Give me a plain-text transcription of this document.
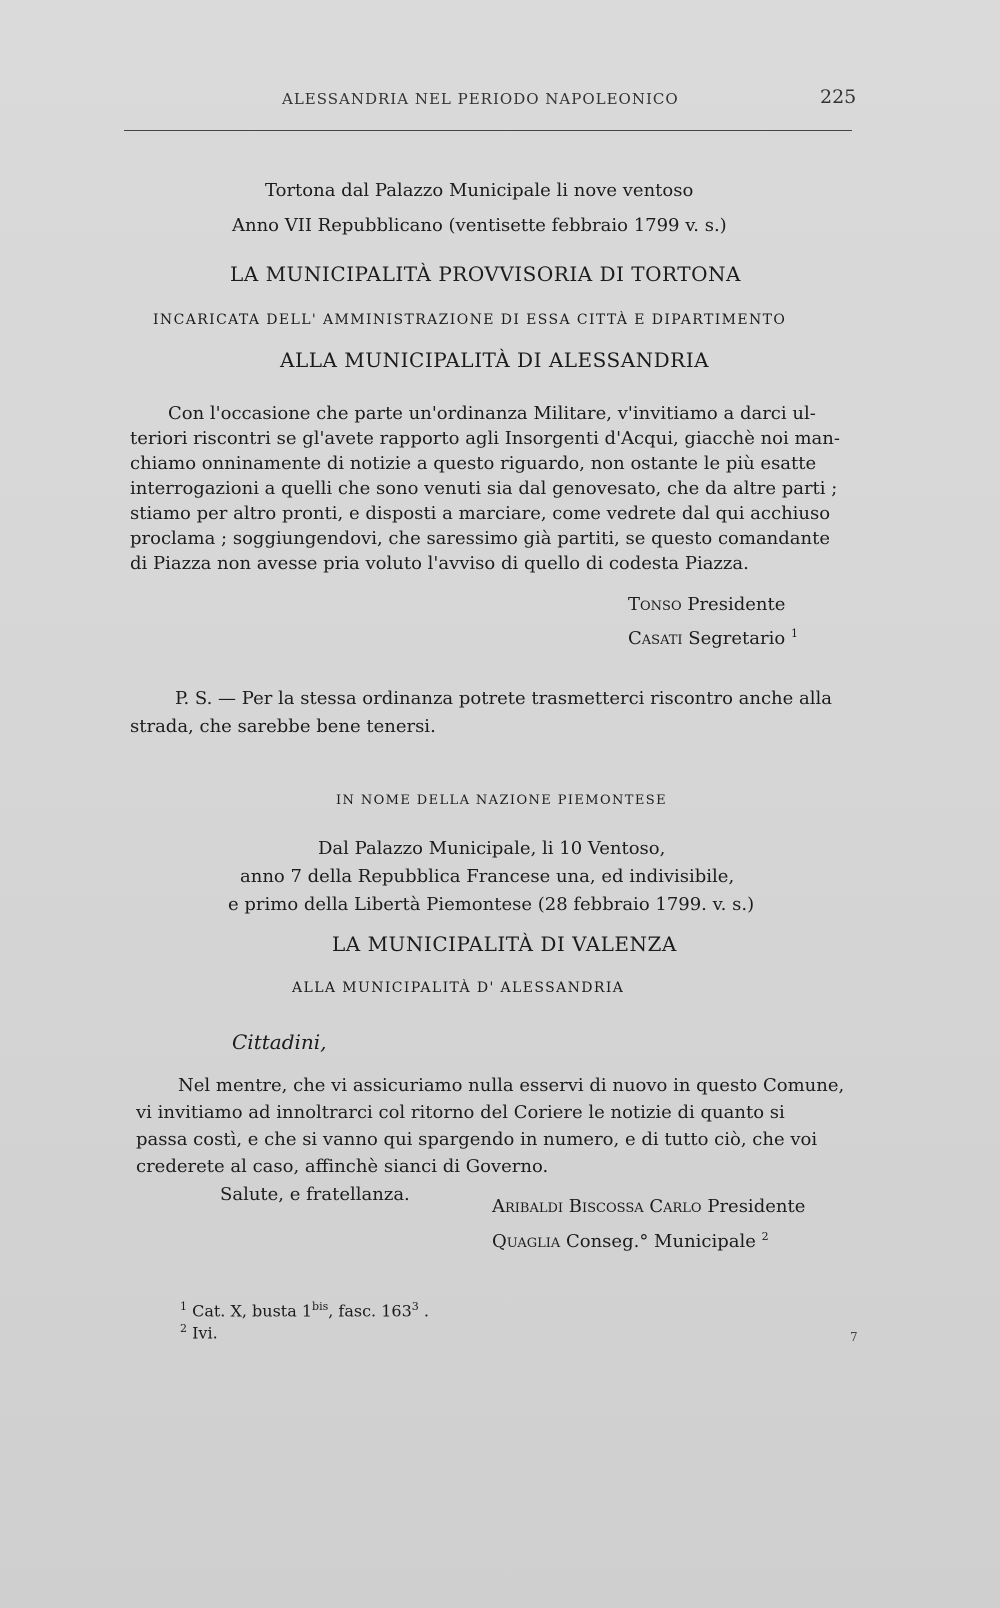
ALESSANDRIA NEL PERIODO NAPOLEONICO	225
Tortona dal Palazzo Municipale li nove ventoso
Anno VII Repubblicano (ventisette febbraio 1799 v. s.)
LA MUNICIPALITÀ PROVVISORIA DI TORTONA
INCARICATA DELL' AMMINISTRAZIONE DI ESSA CITTÀ E DIPARTIMENTO
ALLA MUNICIPALITÀ DI ALESSANDRIA
Con l'occasione che parte un'ordinanza Militare, v'invitiamo a darci ul-
teriori riscontri se gl'avete rapporto agli Insorgenti d'Acqui, giacchè noi man-
chiamo onninamente di notizie a questo riguardo, non ostante le più esatte
interrogazioni a quelli che sono venuti sia dal genovesato, che da altre parti ;
stiamo per altro pronti, e disposti a marciare, come vedrete dal qui acchiuso
proclama ; soggiungendovi, che saressimo già partiti, se questo comandante
di Piazza non avesse pria voluto l'avviso di quello di codesta Piazza.
Tonso Presidente
Casati Segretario $^1$
P. S. — Per la stessa ordinanza potrete trasmetterci riscontro anche alla
strada, che sarebbe bene tenersi.
IN NOME DELLA NAZIONE PIEMONTESE
Dal Palazzo Municipale, li 10 Ventoso,
anno 7 della Repubblica Francese una, ed indivisibile,
e primo della Libertà Piemontese (28 febbraio 1799. v. s.)
LA MUNICIPALITÀ DI VALENZA
ALLA MUNICIPALITÀ D' ALESSANDRIA
Cittadini,
Nel mentre, che vi assicuriamo nulla esservi di nuovo in questo Comune,
vi invitiamo ad innoltrarci col ritorno del Coriere le notizie di quanto si
passa costì, e che si vanno qui spargendo in numero, e di tutto ciò, che voi
crederete al caso, affinchè sianci di Governo.
Salute, e fratellanza.
Aribaldi Biscossa Carlo Presidente
Quaglia Conseg.° Municipale $^2$
$^1$ Cat. X, busta $1^{bis}$, fasc. $163^3$ .
$^2$ Ivi.	7
